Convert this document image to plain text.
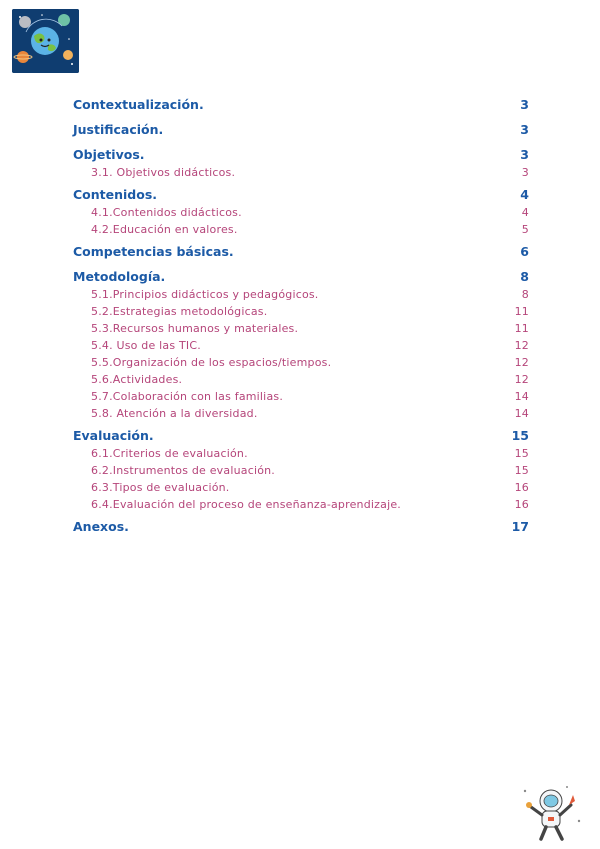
Contextualización.	3
Justificación.	3
Objetivos.	3
3.1. Objetivos didácticos.	3
Contenidos.	4
4.1.Contenidos didácticos.	4
4.2.Educación en valores.	5
Competencias básicas.	6
Metodología.	8
5.1.Principios didácticos y pedagógicos.	8
5.2.Estrategias metodológicas.	11
5.3.Recursos humanos y materiales.	11
5.4. Uso de las TIC.	12
5.5.Organización de los espacios/tiempos.	12
5.6.Actividades.	12
5.7.Colaboración con las familias.	14
5.8. Atención a la diversidad.	14
Evaluación.	15
6.1.Criterios de evaluación.	15
6.2.Instrumentos de evaluación.	15
6.3.Tipos de evaluación.	16
6.4.Evaluación del proceso de enseñanza-aprendizaje.	16
Anexos.	17
